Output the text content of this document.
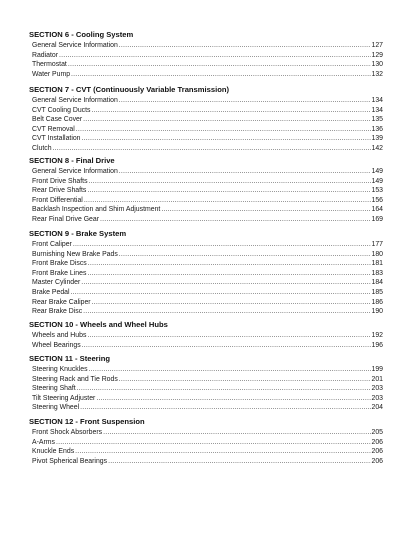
SECTION 6 - Cooling System
General Service Information .....	127
Radiator .....	129
Thermostat .....	130
Water Pump .....	132
SECTION 7 - CVT (Continuously Variable Transmission)
General Service Information .....	134
CVT Cooling Ducts .....	134
Belt Case Cover .....	135
CVT Removal .....	136
CVT Installation .....	139
Clutch .....	142
SECTION 8 - Final Drive
General Service Information .....	149
Front Drive Shafts .....	149
Rear Drive Shafts .....	153
Front Differential .....	156
Backlash Inspection and Shim Adjustment .....	164
Rear Final Drive Gear .....	169
SECTION 9 - Brake System
Front Caliper .....	177
Burnishing New Brake Pads .....	180
Front Brake Discs .....	181
Front Brake Lines .....	183
Master Cylinder .....	184
Brake Pedal .....	185
Rear Brake Caliper .....	186
Rear Brake Disc .....	190
SECTION 10 - Wheels and Wheel Hubs
Wheels and Hubs .....	192
Wheel Bearings .....	196
SECTION 11 - Steering
Steering Knuckles .....	199
Steering Rack and Tie Rods .....	201
Steering Shaft .....	203
Tilt Steering Adjuster .....	203
Steering Wheel .....	204
SECTION 12 - Front Suspension
Front Shock Absorbers .....	205
A-Arms .....	206
Knuckle Ends .....	206
Pivot Spherical Bearings .....	206
